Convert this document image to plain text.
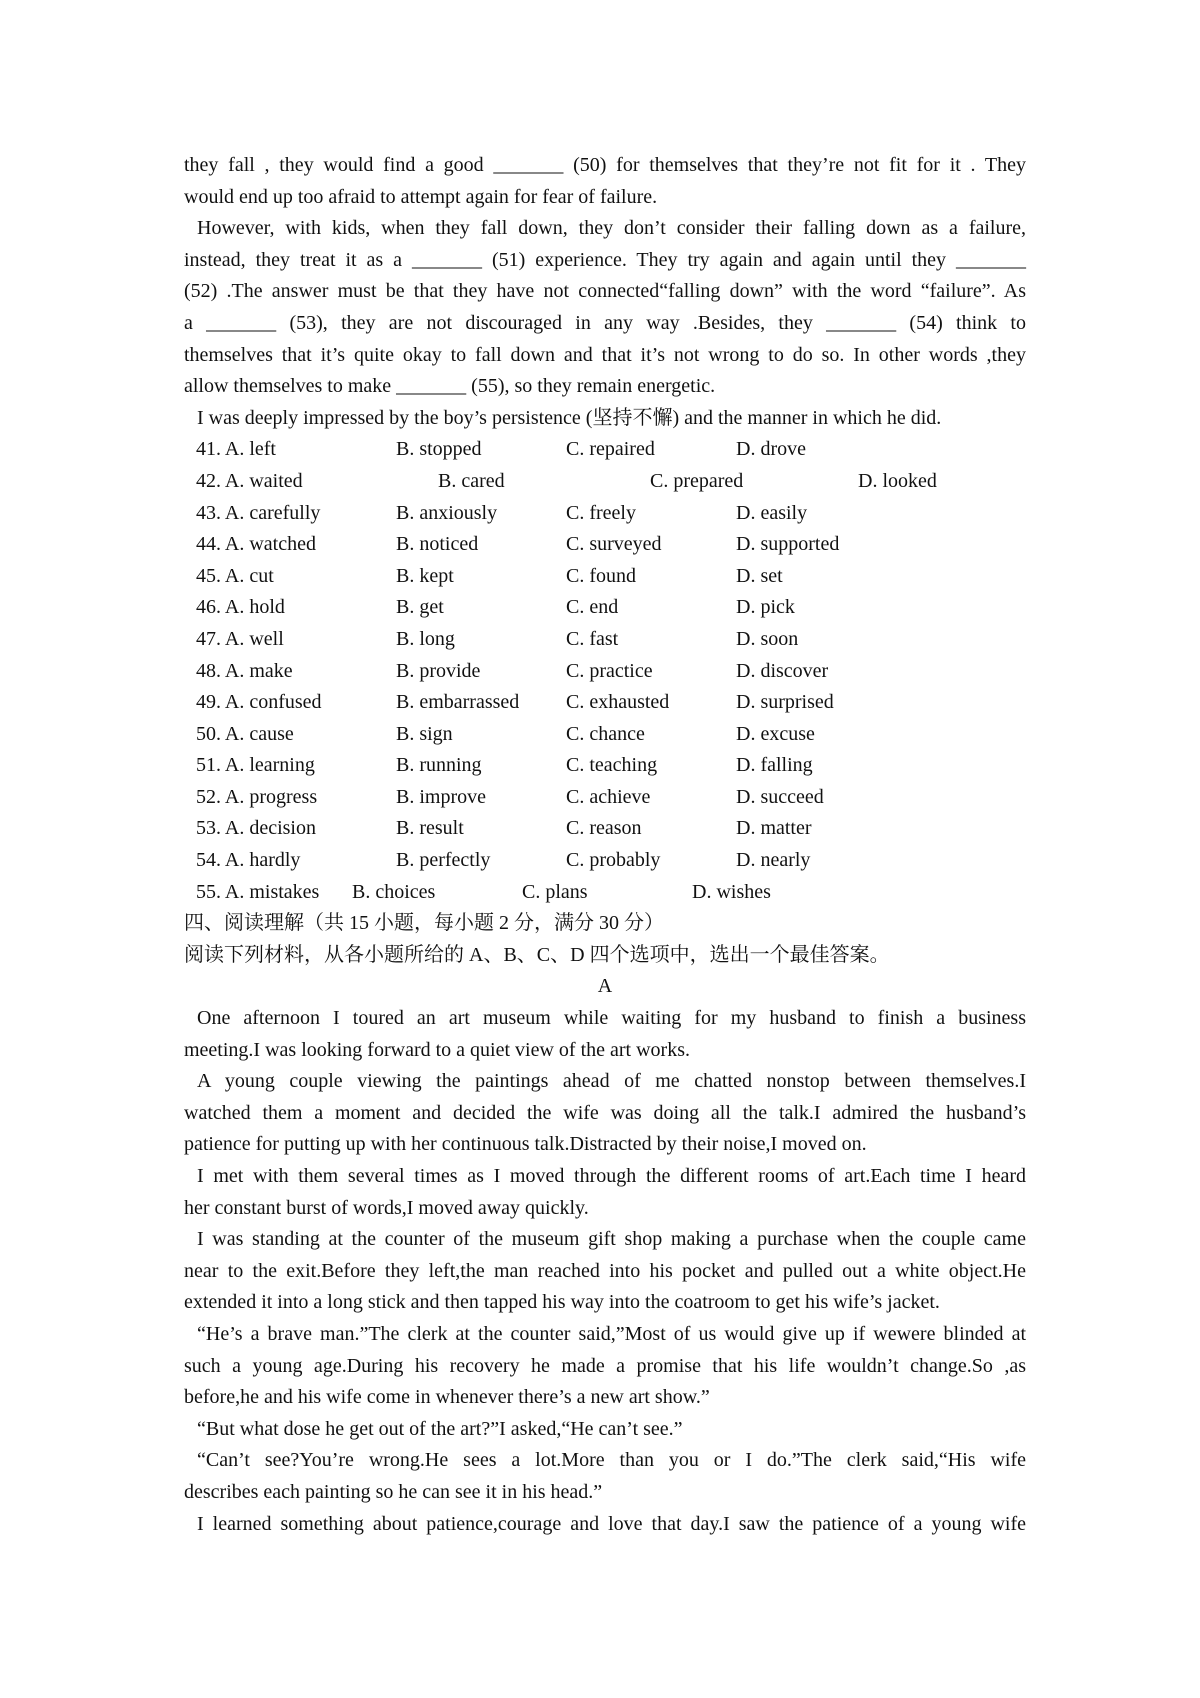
they fall , they would find a good _______ (50) for themselves that they’re not fit for it . They

would end up too afraid to attempt again for fear of failure.

However, with kids, when they fall down, they don’t consider their falling down as a failure,

instead, they treat it as a _______ (51) experience. They try again and again until they _______

(52) .The answer must be that they have not connected“falling down” with the word “failure”. As

a _______ (53), they are not discouraged in any way .Besides, they _______ (54) think to

themselves that it’s quite okay to fall down and that it’s not wrong to do so. In other words ,they

allow themselves to make _______ (55), so they remain energetic.

I was deeply impressed by the boy’s persistence (坚持不懈) and the manner in which he did.

41. A. left	B. stopped	C. repaired	D. drove
42. A. waited	B. cared	C. prepared	D. looked
43. A. carefully	B. anxiously	C. freely	D. easily
44. A. watched	B. noticed	C. surveyed	D. supported
45. A. cut	B. kept	C. found	D. set
46. A. hold	B. get	C. end	D. pick
47. A. well	B. long	C. fast	D. soon
48. A. make	B. provide	C. practice	D. discover
49. A. confused	B. embarrassed	C. exhausted	D. surprised
50. A. cause	B. sign	C. chance	D. excuse
51. A. learning	B. running	C. teaching	D. falling
52. A. progress	B. improve	C. achieve	D. succeed
53. A. decision	B. result	C. reason	D. matter
54. A. hardly	B. perfectly	C. probably	D. nearly
55. A. mistakes	B. choices	C. plans	D. wishes

四、阅读理解（共 15 小题，每小题 2 分，满分 30 分）

阅读下列材料，从各小题所给的 A、B、C、D 四个选项中，选出一个最佳答案。

A

One afternoon I toured an art museum while waiting for my husband to finish a business

meeting.I was looking forward to a quiet view of the art works.

A young couple viewing the paintings ahead of me chatted nonstop between themselves.I

watched them a moment and decided the wife was doing all the talk.I admired the husband’s

patience for putting up with her continuous talk.Distracted by their noise,I moved on.

I met with them several times as I moved through the different rooms of art.Each time I heard

her constant burst of words,I moved away quickly.

I was standing at the counter of the museum gift shop making a purchase when the couple came

near to the exit.Before they left,the man reached into his pocket and pulled out a white object.He

extended it into a long stick and then tapped his way into the coatroom to get his wife’s jacket.

“He’s a brave man.”The clerk at the counter said,”Most of us would give up if wewere blinded at

such a young age.During his recovery he made a promise that his life wouldn’t change.So ,as

before,he and his wife come in whenever there’s a new art show.”

“But what dose he get out of the art?”I asked,“He can’t see.”

“Can’t see?You’re wrong.He sees a lot.More than you or I do.”The clerk said,“His wife

describes each painting so he can see it in his head.”

I learned something about patience,courage and love that day.I saw the patience of a young wife
